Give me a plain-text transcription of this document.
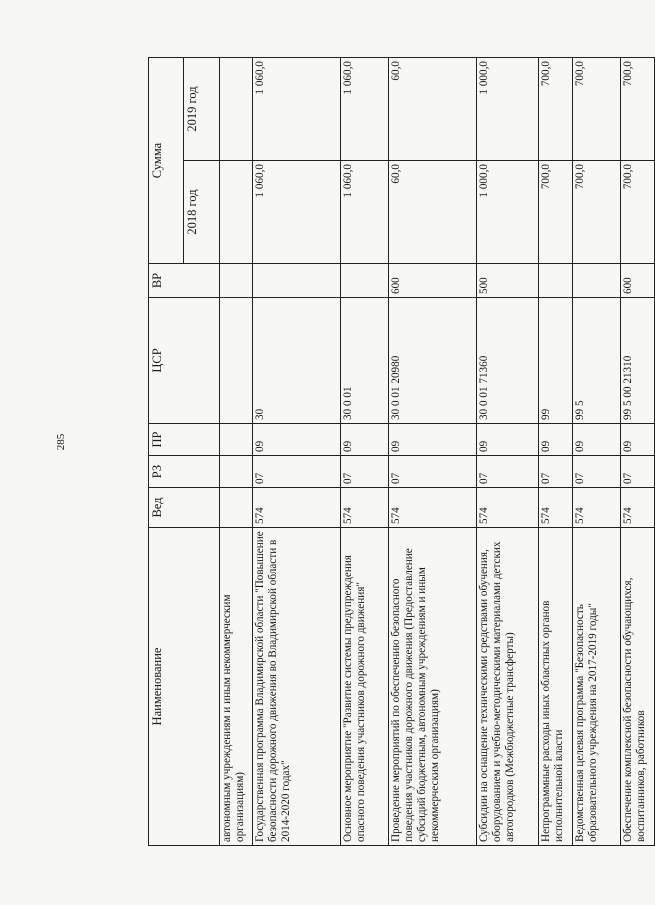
285
Наименование	Вед	РЗ	ПР	ЦСР	ВР	Сумма	
						2018 год	2019 год
автономным учреждениям и иным некоммерческим организациям)							
Государственная программа Владимирской области "Повышение безопасности дорожного движения во Владимирской области в 2014-2020 годах"	574	07	09	30		1 060,0	1 060,0
Основное мероприятие "Развитие системы предупреждения опасного поведения участников дорожного движения"	574	07	09	30 0 01		1 060,0	1 060,0
Проведение мероприятий по обеспечению безопасного поведения участников дорожного движения (Предоставление субсидий бюджетным, автономным учреждениям и иным некоммерческим организациям)	574	07	09	30 0 01 20980	600	60,0	60,0
Субсидии на оснащение техническими средствами обучения, оборудованием и учебно-методическими материалами детских автогородков (Межбюджетные трансферты)	574	07	09	30 0 01 71360	500	1 000,0	1 000,0
Непрограммные расходы иных областных органов исполнительной власти	574	07	09	99		700,0	700,0
Ведомственная целевая программа "Безопасность образовательного учреждения на 2017-2019 годы"	574	07	09	99 5		700,0	700,0
Обеспечение комплексной безопасности обучающихся, воспитанников, работников	574	07	09	99 5 00 21310	600	700,0	700,0
